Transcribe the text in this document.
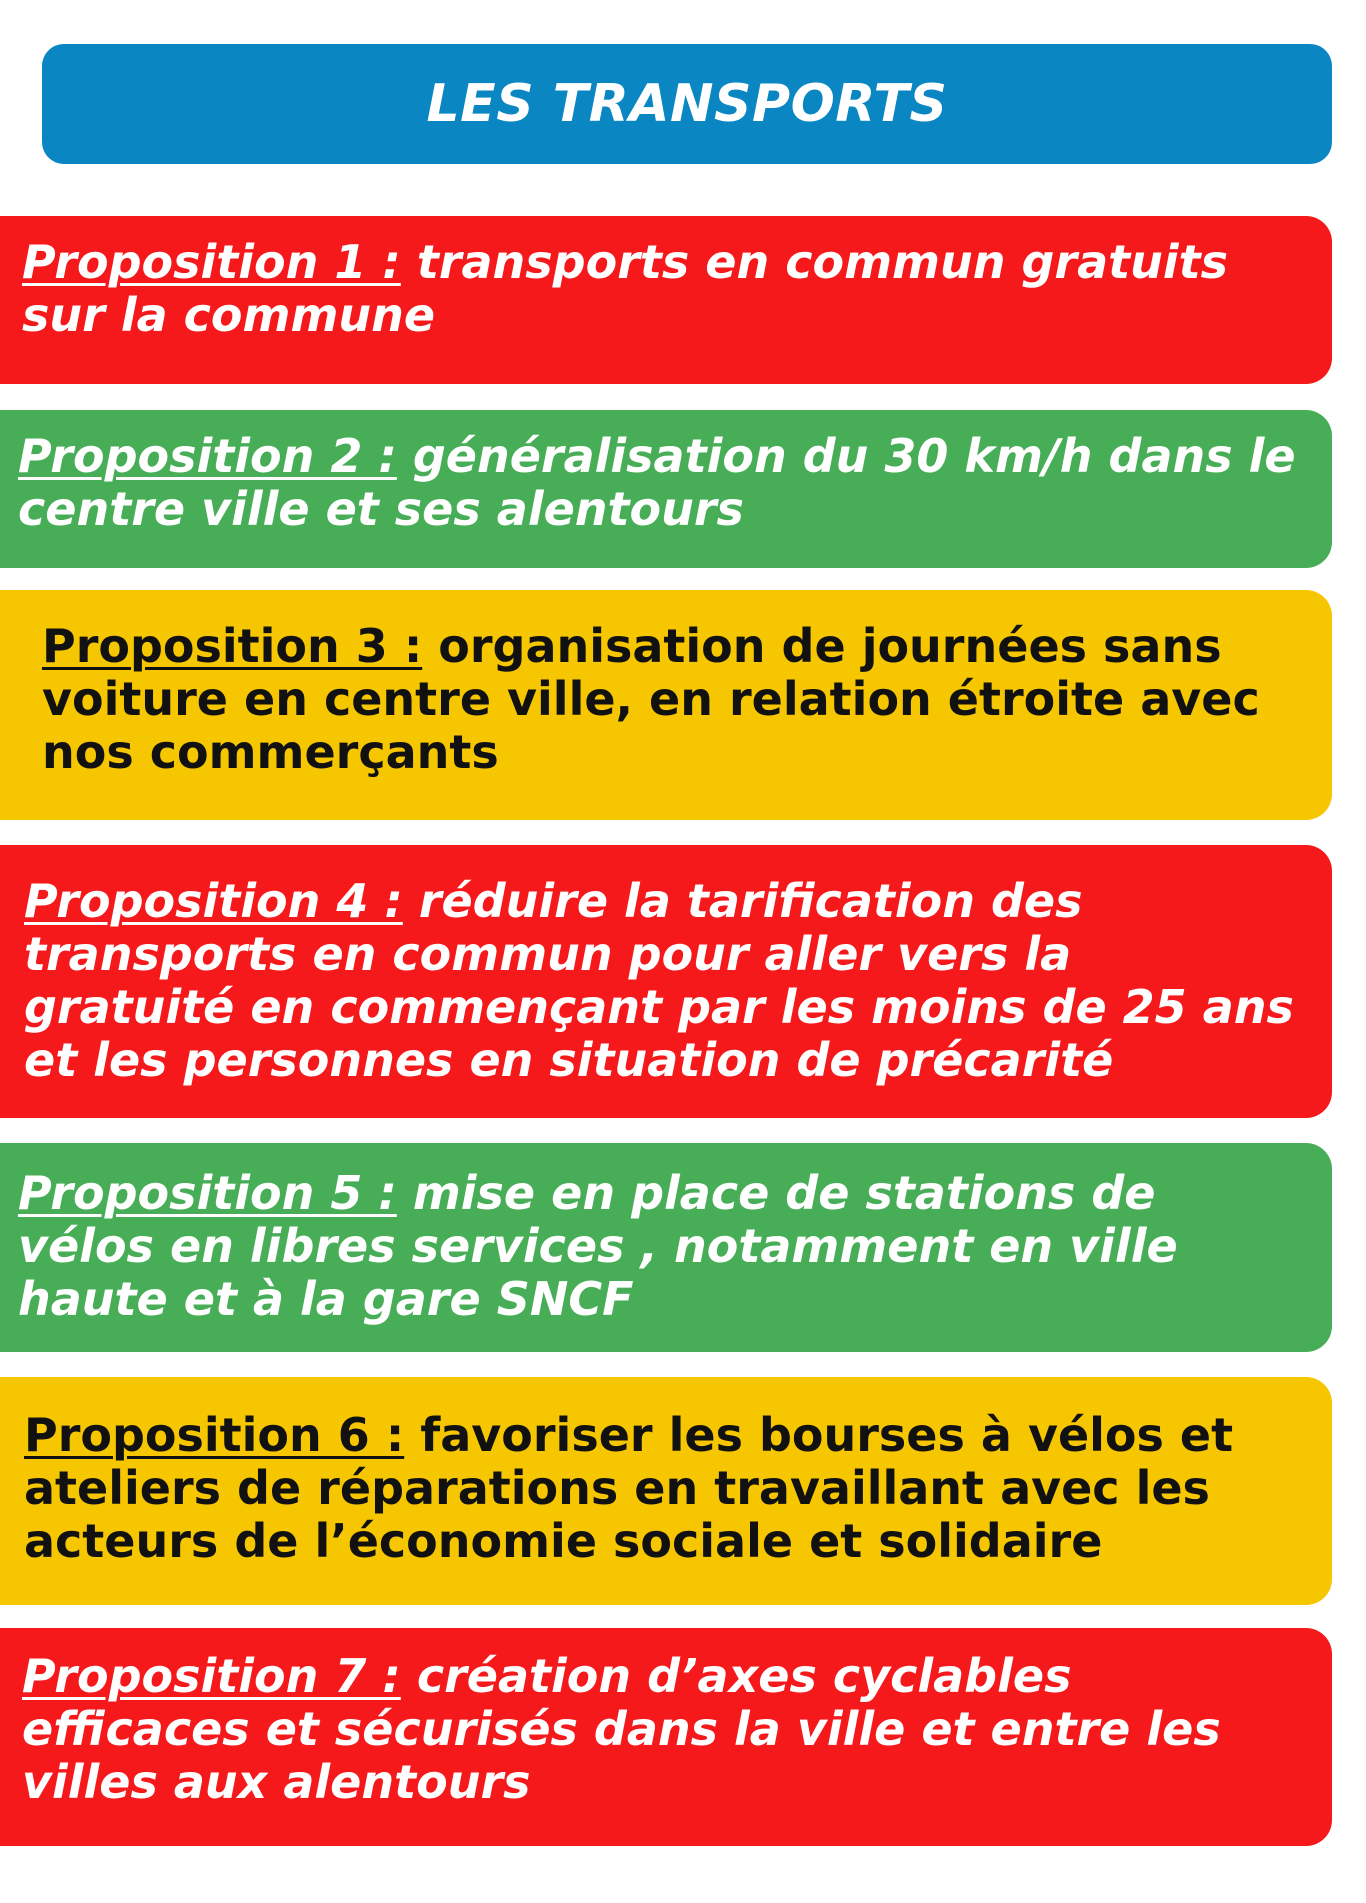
LES TRANSPORTS

Proposition 1 : transports en commun gratuits sur la commune

Proposition 2 : généralisation du 30 km/h dans le centre ville et ses alentours

Proposition 3 : organisation de journées sans voiture en centre ville, en relation étroite avec nos commerçants

Proposition 4 : réduire la tarification des transports en commun pour aller vers la gratuité en commençant par les moins de 25 ans et les personnes en situation de précarité

Proposition 5 : mise en place de stations de vélos en libres services , notamment en ville haute et à la gare SNCF

Proposition 6 : favoriser les bourses à vélos et ateliers de réparations en travaillant avec les acteurs de l’économie sociale et solidaire

Proposition 7 : création d’axes cyclables efficaces et sécurisés dans la ville et entre les villes aux alentours
